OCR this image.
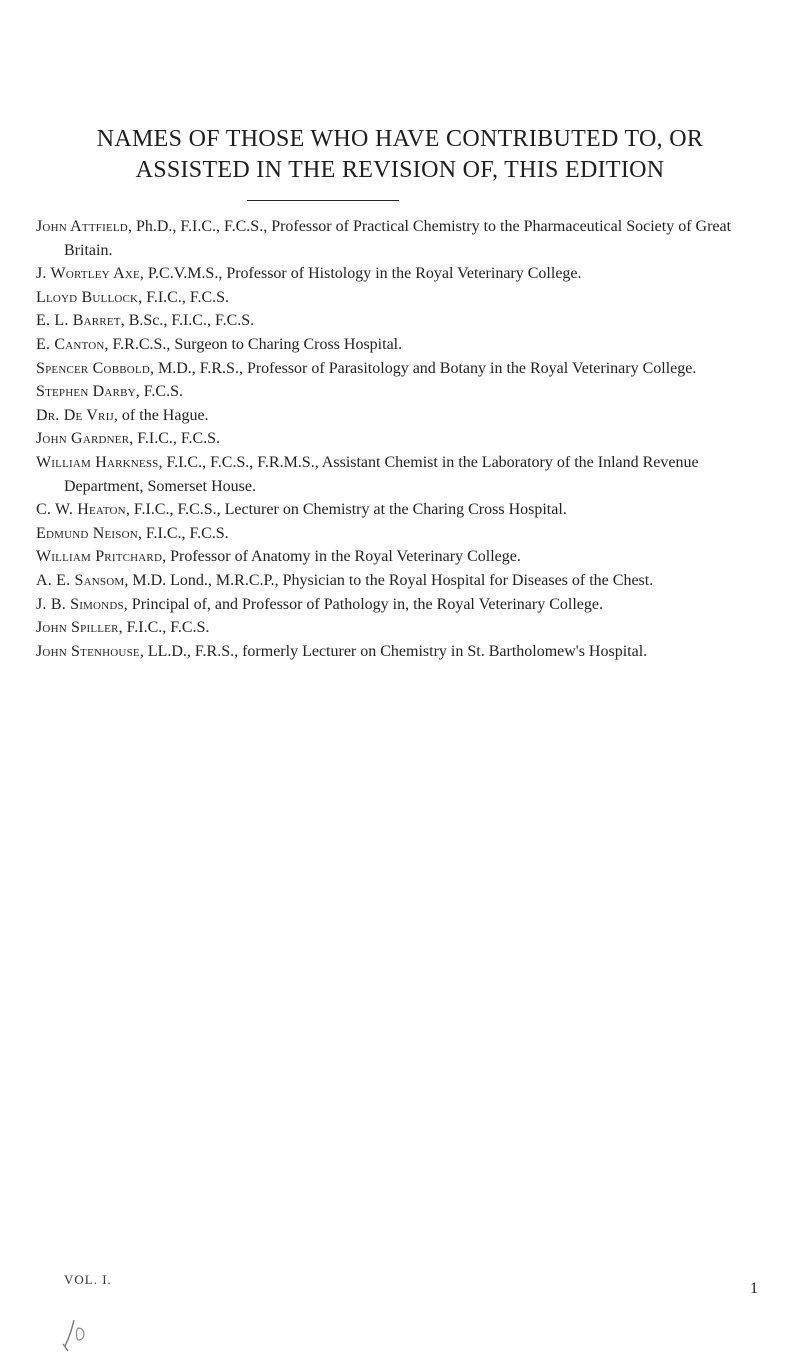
NAMES OF THOSE WHO HAVE CONTRIBUTED TO, OR
ASSISTED IN THE REVISION OF, THIS EDITION
John Attfield, Ph.D., F.I.C., F.C.S., Professor of Practical Chemistry to the Pharmaceutical Society of Great Britain.
J. Wortley Axe, P.C.V.M.S., Professor of Histology in the Royal Veterinary College.
Lloyd Bullock, F.I.C., F.C.S.
E. L. Barret, B.Sc., F.I.C., F.C.S.
E. Canton, F.R.C.S., Surgeon to Charing Cross Hospital.
Spencer Cobbold, M.D., F.R.S., Professor of Parasitology and Botany in the Royal Veterinary College.
Stephen Darby, F.C.S.
Dr. De Vrij, of the Hague.
John Gardner, F.I.C., F.C.S.
William Harkness, F.I.C., F.C.S., F.R.M.S., Assistant Chemist in the Laboratory of the Inland Revenue Department, Somerset House.
C. W. Heaton, F.I.C., F.C.S., Lecturer on Chemistry at the Charing Cross Hospital.
Edmund Neison, F.I.C., F.C.S.
William Pritchard, Professor of Anatomy in the Royal Veterinary College.
A. E. Sansom, M.D. Lond., M.R.C.P., Physician to the Royal Hospital for Diseases of the Chest.
J. B. Simonds, Principal of, and Professor of Pathology in, the Royal Veterinary College.
John Spiller, F.I.C., F.C.S.
John Stenhouse, LL.D., F.R.S., formerly Lecturer on Chemistry in St. Bartholomew's Hospital.
VOL. I.
1
